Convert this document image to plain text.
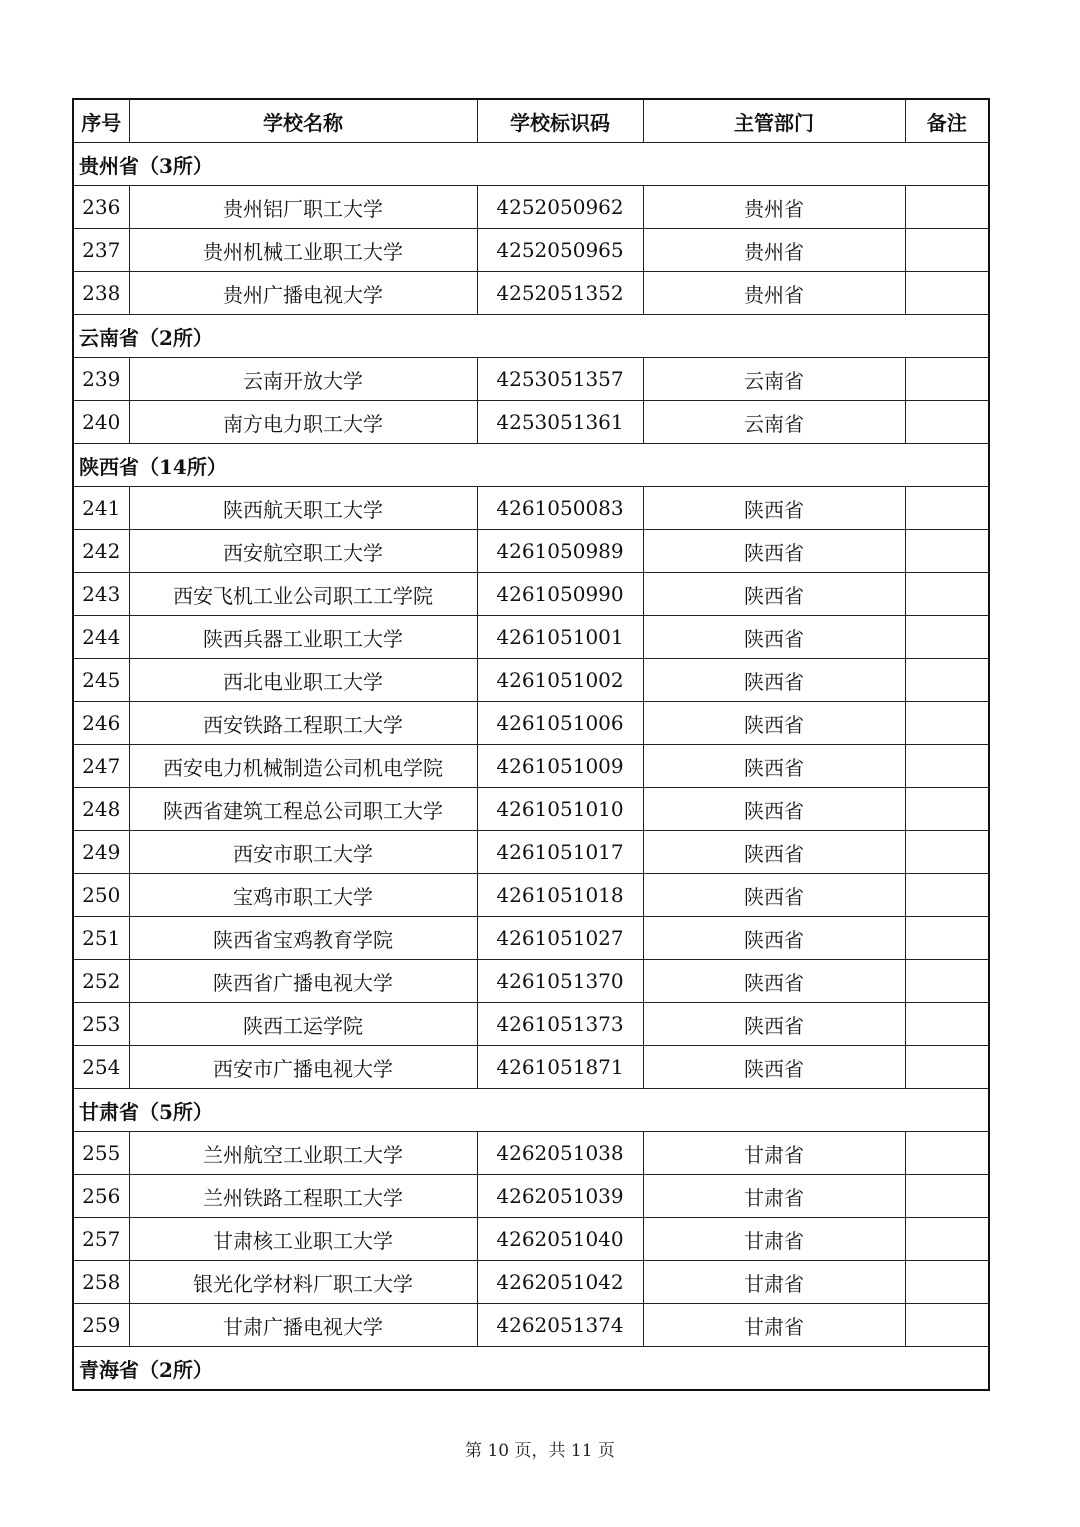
序号	学校名称	学校标识码	主管部门	备注
贵州省（3所）				
236	贵州铝厂职工大学	4252050962	贵州省	
237	贵州机械工业职工大学	4252050965	贵州省	
238	贵州广播电视大学	4252051352	贵州省	
云南省（2所）				
239	云南开放大学	4253051357	云南省	
240	南方电力职工大学	4253051361	云南省	
陕西省（14所）				
241	陕西航天职工大学	4261050083	陕西省	
242	西安航空职工大学	4261050989	陕西省	
243	西安飞机工业公司职工工学院	4261050990	陕西省	
244	陕西兵器工业职工大学	4261051001	陕西省	
245	西北电业职工大学	4261051002	陕西省	
246	西安铁路工程职工大学	4261051006	陕西省	
247	西安电力机械制造公司机电学院	4261051009	陕西省	
248	陕西省建筑工程总公司职工大学	4261051010	陕西省	
249	西安市职工大学	4261051017	陕西省	
250	宝鸡市职工大学	4261051018	陕西省	
251	陕西省宝鸡教育学院	4261051027	陕西省	
252	陕西省广播电视大学	4261051370	陕西省	
253	陕西工运学院	4261051373	陕西省	
254	西安市广播电视大学	4261051871	陕西省	
甘肃省（5所）				
255	兰州航空工业职工大学	4262051038	甘肃省	
256	兰州铁路工程职工大学	4262051039	甘肃省	
257	甘肃核工业职工大学	4262051040	甘肃省	
258	银光化学材料厂职工大学	4262051042	甘肃省	
259	甘肃广播电视大学	4262051374	甘肃省	
青海省（2所）				
第 10 页，共 11 页
